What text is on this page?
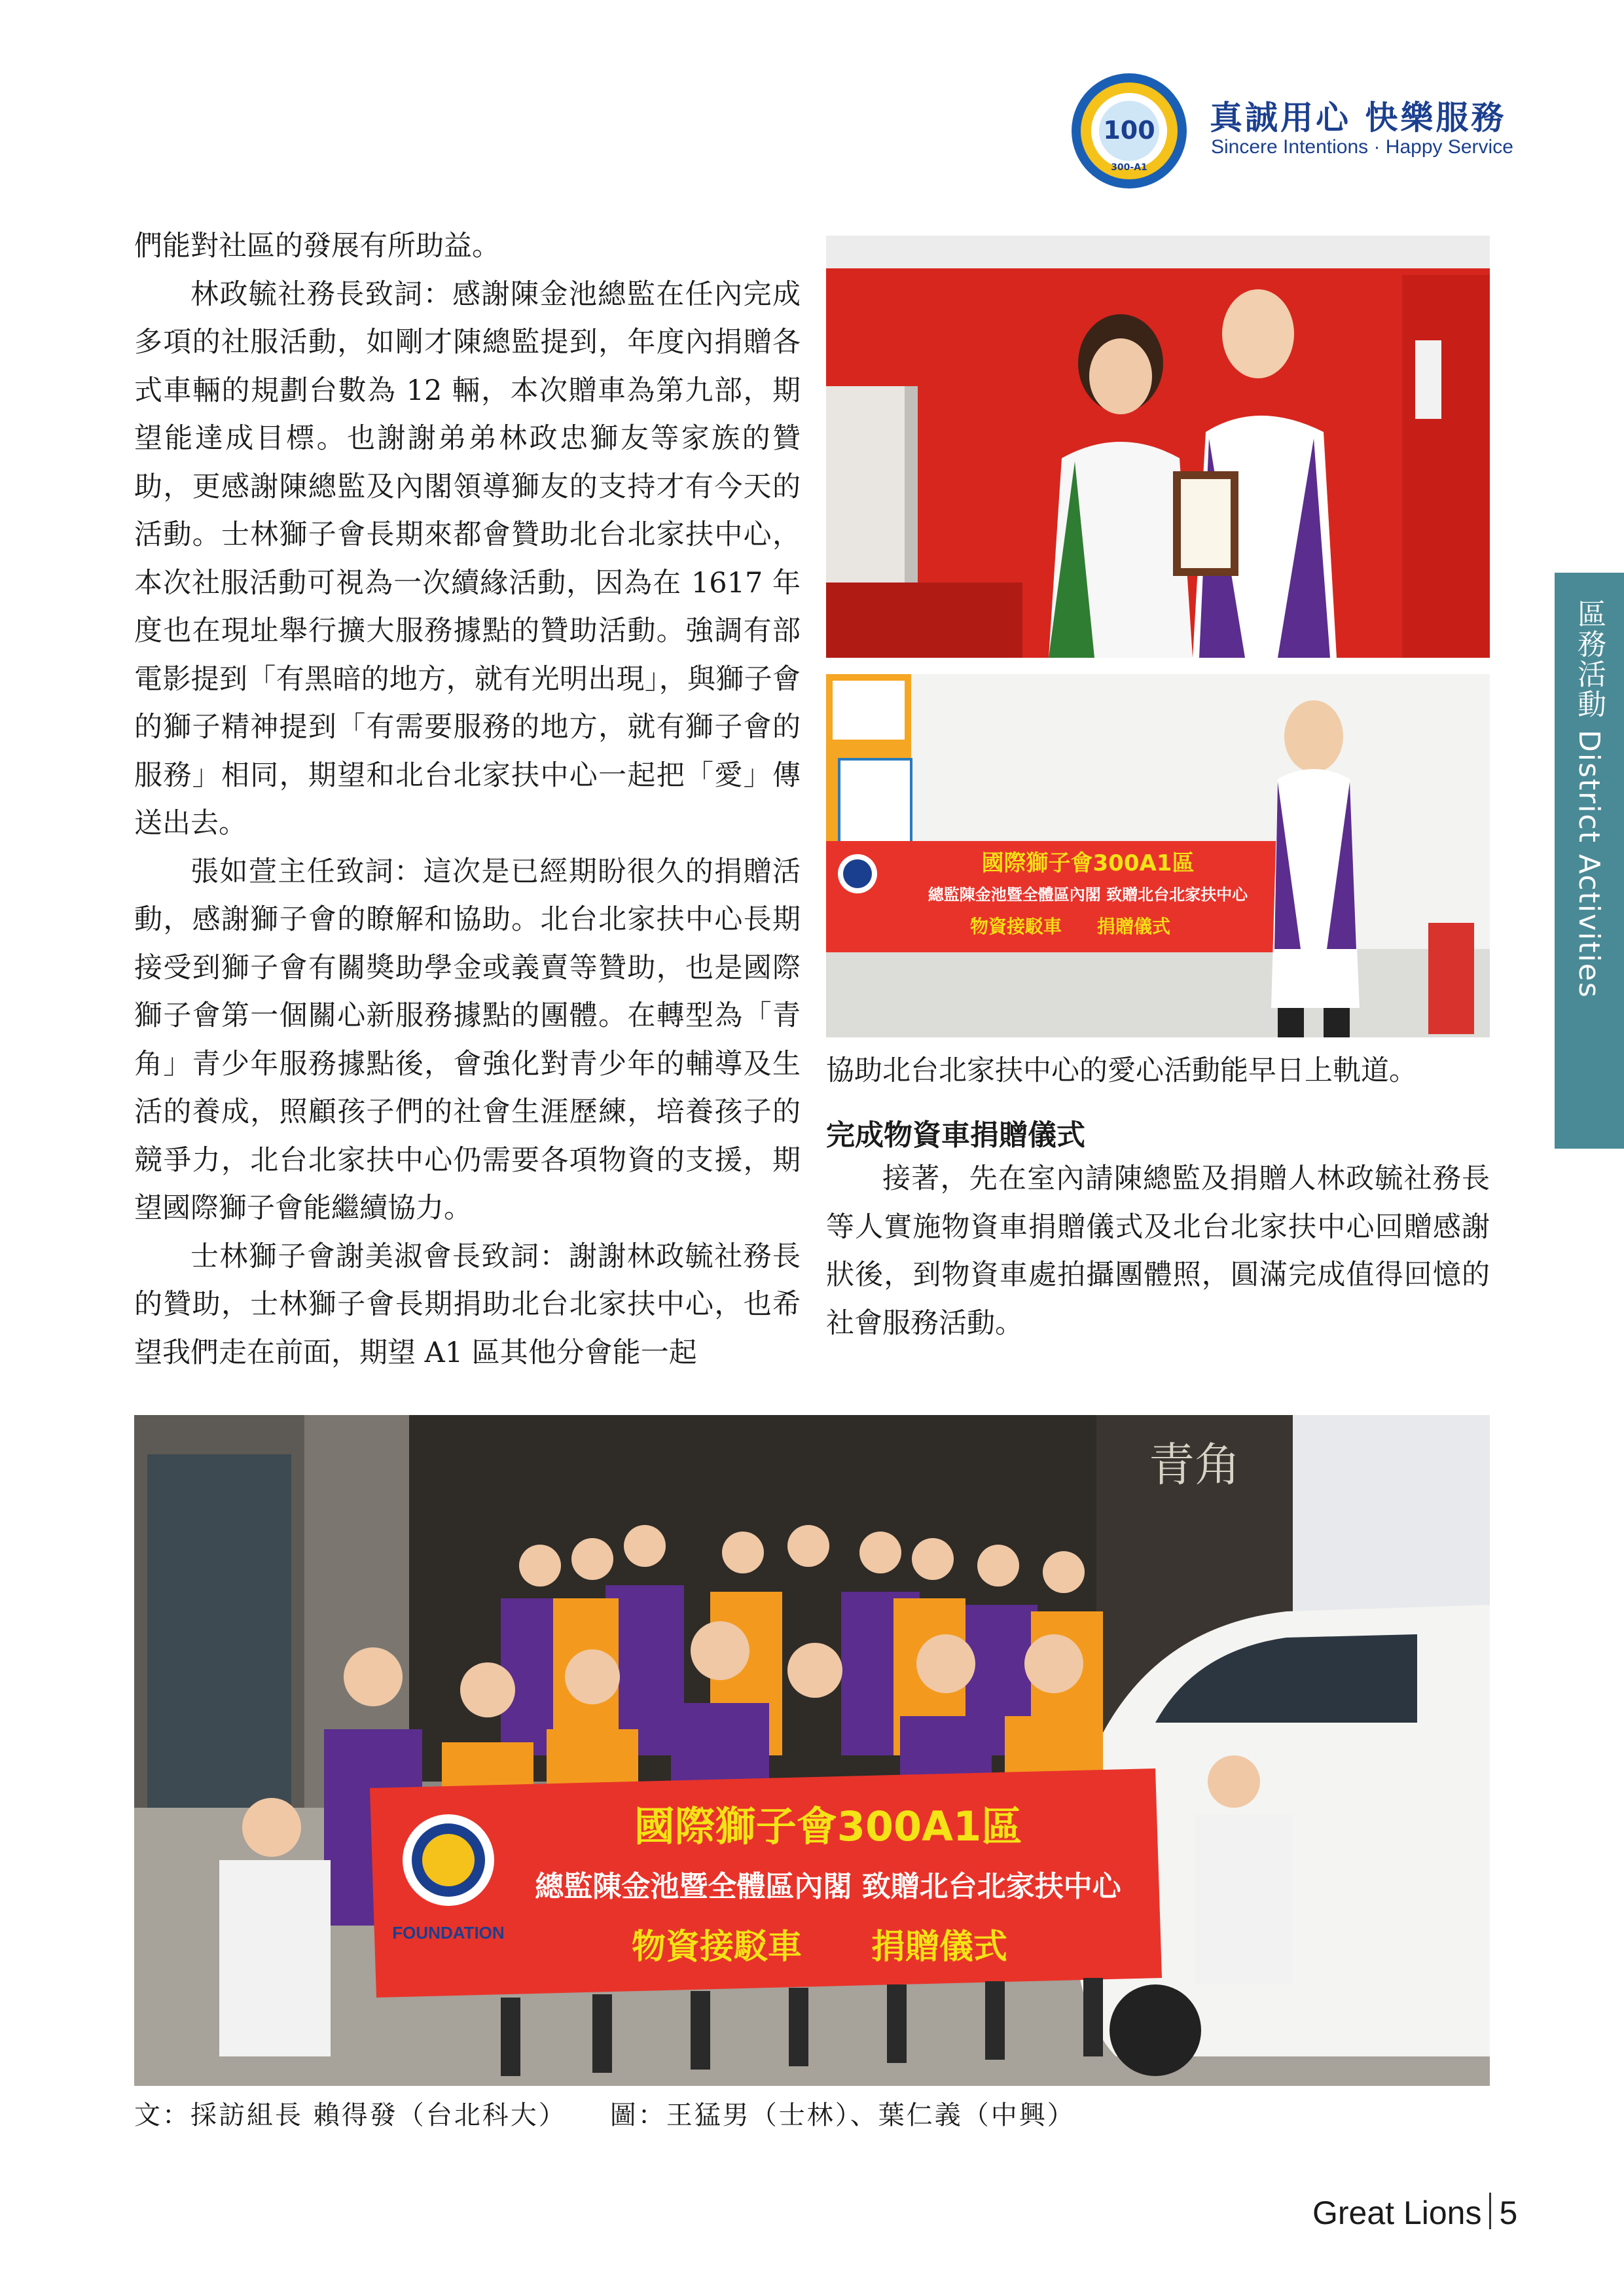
100
300-A1
真誠用心 快樂服務
Sincere Intentions · Happy Service
區務活動 District Activities

們能對社區的發展有所助益。

林政毓社務長致詞：感謝陳金池總監在任內完成多項的社服活動，如剛才陳總監提到，年度內捐贈各式車輛的規劃台數為 12 輛，本次贈車為第九部，期望能達成目標。也謝謝弟弟林政忠獅友等家族的贊助，更感謝陳總監及內閣領導獅友的支持才有今天的活動。士林獅子會長期來都會贊助北台北家扶中心，本次社服活動可視為一次續緣活動，因為在 1617 年度也在現址舉行擴大服務據點的贊助活動。強調有部電影提到「有黑暗的地方，就有光明出現」，與獅子會的獅子精神提到「有需要服務的地方，就有獅子會的服務」相同，期望和北台北家扶中心一起把「愛」傳送出去。

張如萱主任致詞：這次是已經期盼很久的捐贈活動，感謝獅子會的瞭解和協助。北台北家扶中心長期接受到獅子會有關獎助學金或義賣等贊助，也是國際獅子會第一個關心新服務據點的團體。在轉型為「青角」青少年服務據點後，會強化對青少年的輔導及生活的養成，照顧孩子們的社會生涯歷練，培養孩子的競爭力，北台北家扶中心仍需要各項物資的支援，期望國際獅子會能繼續協力。

士林獅子會謝美淑會長致詞：謝謝林政毓社務長的贊助，士林獅子會長期捐助北台北家扶中心，也希望我們走在前面，期望 A1 區其他分會能一起

國際獅子會300A1區
總監陳金池暨全體區內閣 致贈北台北家扶中心
物資接駁車 捐贈儀式

協助北台北家扶中心的愛心活動能早日上軌道。

完成物資車捐贈儀式

接著，先在室內請陳總監及捐贈人林政毓社務長等人實施物資車捐贈儀式及北台北家扶中心回贈感謝狀後，到物資車處拍攝團體照，圓滿完成值得回憶的社會服務活動。

青角
FOUNDATION
國際獅子會300A1區
總監陳金池暨全體區內閣 致贈北台北家扶中心
物資接駁車 捐贈儀式
文：採訪組長 賴得發（台北科大）　　圖：王猛男（士林）、葉仁義（中興）
Great Lions 5
